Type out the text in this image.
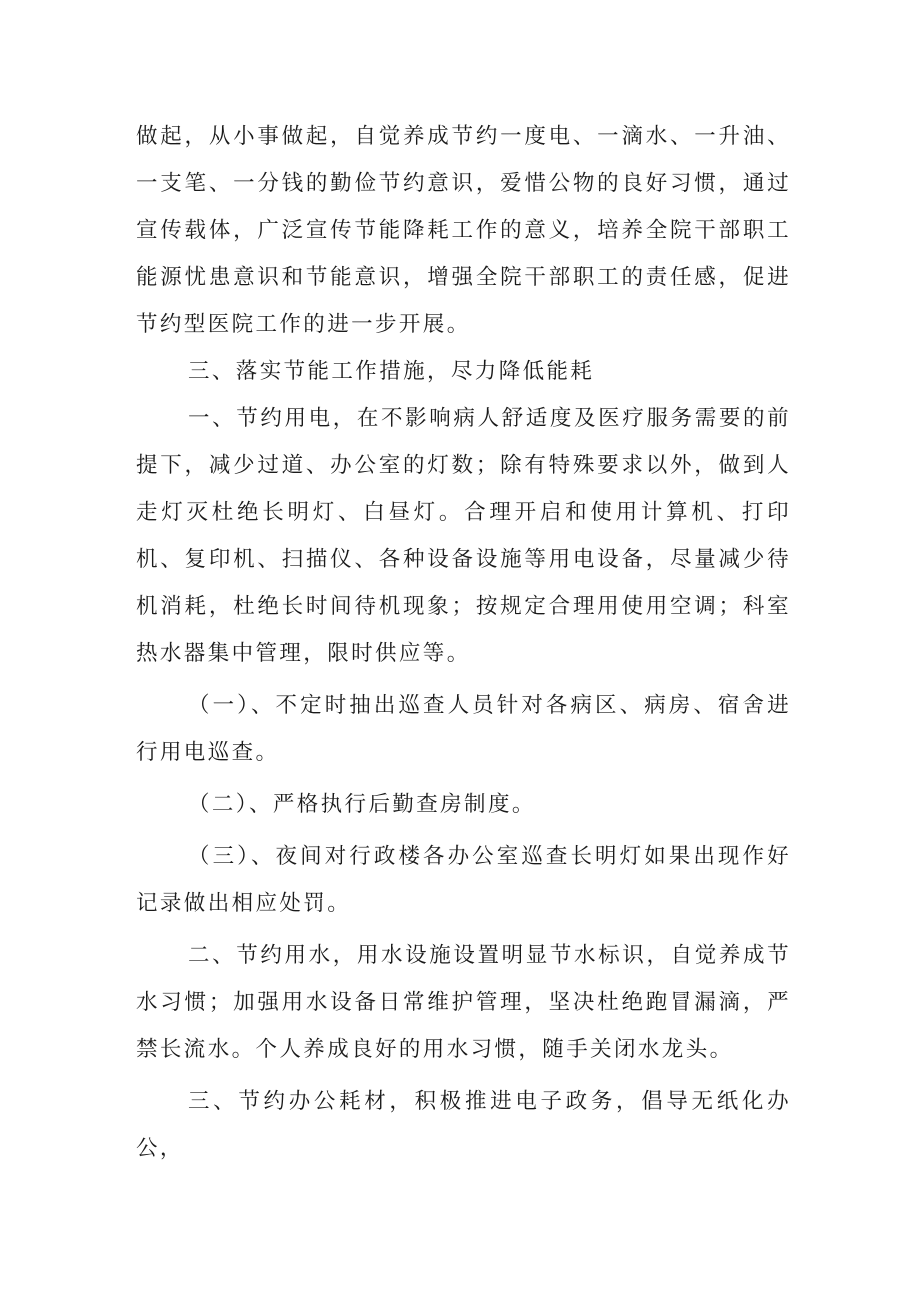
做起，从小事做起，自觉养成节约一度电、一滴水、一升油、一支笔、一分钱的勤俭节约意识，爱惜公物的良好习惯，通过宣传载体，广泛宣传节能降耗工作的意义，培养全院干部职工能源忧患意识和节能意识，增强全院干部职工的责任感，促进节约型医院工作的进一步开展。

三、落实节能工作措施，尽力降低能耗

一、节约用电，在不影响病人舒适度及医疗服务需要的前提下，减少过道、办公室的灯数；除有特殊要求以外，做到人走灯灭杜绝长明灯、白昼灯。合理开启和使用计算机、打印机、复印机、扫描仪、各种设备设施等用电设备，尽量减少待机消耗，杜绝长时间待机现象；按规定合理用使用空调；科室热水器集中管理，限时供应等。

（一）、不定时抽出巡查人员针对各病区、病房、宿舍进行用电巡查。

（二）、严格执行后勤查房制度。

（三）、夜间对行政楼各办公室巡查长明灯如果出现作好记录做出相应处罚。

二、节约用水，用水设施设置明显节水标识，自觉养成节水习惯；加强用水设备日常维护管理，坚决杜绝跑冒漏滴，严禁长流水。个人养成良好的用水习惯，随手关闭水龙头。

三、节约办公耗材，积极推进电子政务，倡导无纸化办公，
